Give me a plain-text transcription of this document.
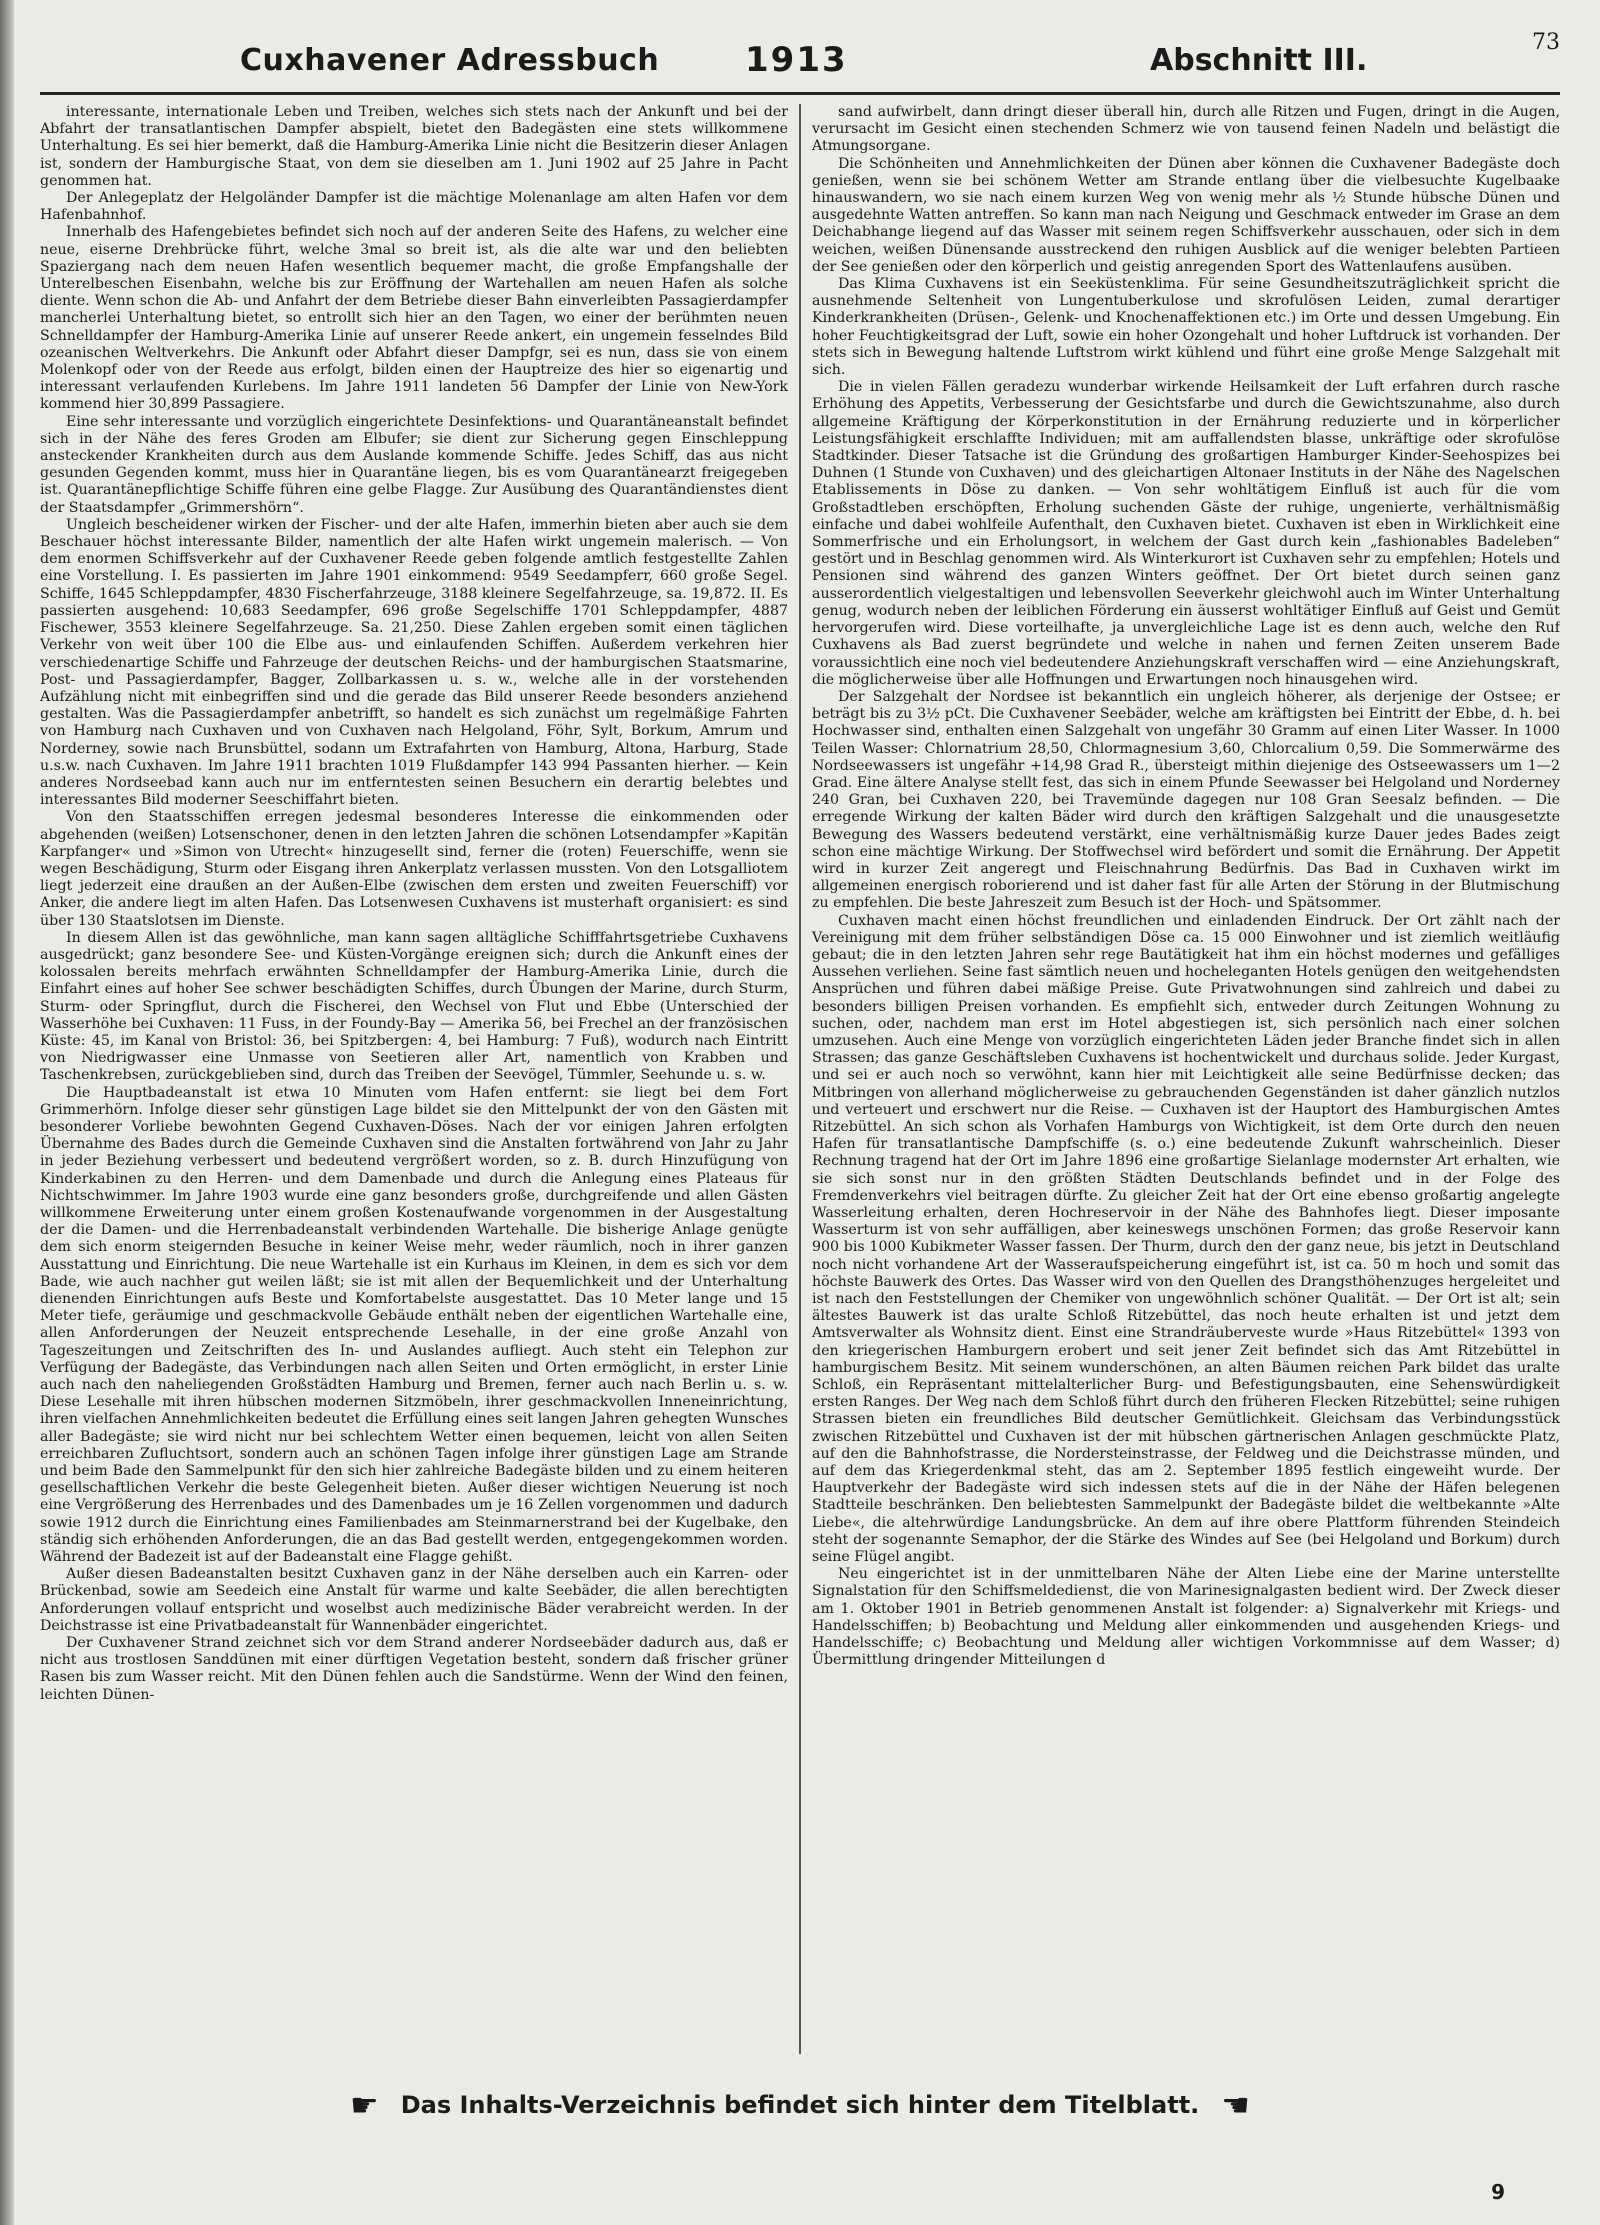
Cuxhavener Adressbuch	1913	Abschnitt III.	73

interessante, internationale Leben und Treiben, welches sich stets nach der Ankunft und bei der Abfahrt der transatlantischen Dampfer abspielt, bietet den Badegästen eine stets willkommene Unterhaltung. Es sei hier bemerkt, daß die Hamburg-Amerika Linie nicht die Besitzerin dieser Anlagen ist, sondern der Hamburgische Staat, von dem sie dieselben am 1. Juni 1902 auf 25 Jahre in Pacht genommen hat.

Der Anlegeplatz der Helgoländer Dampfer ist die mächtige Molenanlage am alten Hafen vor dem Hafenbahnhof.

Innerhalb des Hafengebietes befindet sich noch auf der anderen Seite des Hafens, zu welcher eine neue, eiserne Drehbrücke führt, welche 3mal so breit ist, als die alte war und den beliebten Spaziergang nach dem neuen Hafen wesentlich bequemer macht, die große Empfangshalle der Unterelbeschen Eisenbahn, welche bis zur Eröffnung der Wartehallen am neuen Hafen als solche diente. Wenn schon die Ab- und Anfahrt der dem Betriebe dieser Bahn einverleibten Passagierdampfer mancherlei Unterhaltung bietet, so entrollt sich hier an den Tagen, wo einer der berühmten neuen Schnelldampfer der Hamburg-Amerika Linie auf unserer Reede ankert, ein ungemein fesselndes Bild ozeanischen Weltverkehrs. Die Ankunft oder Abfahrt dieser Dampfgr, sei es nun, dass sie von einem Molenkopf oder von der Reede aus erfolgt, bilden einen der Hauptreize des hier so eigenartig und interessant verlaufenden Kurlebens. Im Jahre 1911 landeten 56 Dampfer der Linie von New-York kommend hier 30,899 Passagiere.

Eine sehr interessante und vorzüglich eingerichtete Desinfektions- und Quarantäneanstalt befindet sich in der Nähe des feres Groden am Elbufer; sie dient zur Sicherung gegen Einschleppung ansteckender Krankheiten durch aus dem Auslande kommende Schiffe. Jedes Schiff, das aus nicht gesunden Gegenden kommt, muss hier in Quarantäne liegen, bis es vom Quarantänearzt freigegeben ist. Quarantänepflichtige Schiffe führen eine gelbe Flagge. Zur Ausübung des Quarantändienstes dient der Staatsdampfer „Grimmershörn“.

Ungleich bescheidener wirken der Fischer- und der alte Hafen, immerhin bieten aber auch sie dem Beschauer höchst interessante Bilder, namentlich der alte Hafen wirkt ungemein malerisch. — Von dem enormen Schiffsverkehr auf der Cuxhavener Reede geben folgende amtlich festgestellte Zahlen eine Vorstellung. I. Es passierten im Jahre 1901 einkommend: 9549 Seedampferr, 660 große Segel. Schiffe, 1645 Schleppdampfer, 4830 Fischerfahrzeuge, 3188 kleinere Segelfahrzeuge, sa. 19,872. II. Es passierten ausgehend: 10,683 Seedampfer, 696 große Segelschiffe 1701 Schleppdampfer, 4887 Fischewer, 3553 kleinere Segelfahrzeuge. Sa. 21,250. Diese Zahlen ergeben somit einen täglichen Verkehr von weit über 100 die Elbe aus- und einlaufenden Schiffen. Außerdem verkehren hier verschiedenartige Schiffe und Fahrzeuge der deutschen Reichs- und der hamburgischen Staatsmarine, Post- und Passagierdampfer, Bagger, Zollbarkassen u. s. w., welche alle in der vorstehenden Aufzählung nicht mit einbegriffen sind und die gerade das Bild unserer Reede besonders anziehend gestalten. Was die Passagierdampfer anbetrifft, so handelt es sich zunächst um regelmäßige Fahrten von Hamburg nach Cuxhaven und von Cuxhaven nach Helgoland, Föhr, Sylt, Borkum, Amrum und Norderney, sowie nach Brunsbüttel, sodann um Extrafahrten von Hamburg, Altona, Harburg, Stade u.s.w. nach Cuxhaven. Im Jahre 1911 brachten 1019 Flußdampfer 143 994 Passanten hierher. — Kein anderes Nordseebad kann auch nur im entferntesten seinen Besuchern ein derartig belebtes und interessantes Bild moderner Seeschiffahrt bieten.

Von den Staatsschiffen erregen jedesmal besonderes Interesse die einkommenden oder abgehenden (weißen) Lotsenschoner, denen in den letzten Jahren die schönen Lotsendampfer »Kapitän Karpfanger« und »Simon von Utrecht« hinzugesellt sind, ferner die (roten) Feuerschiffe, wenn sie wegen Beschädigung, Sturm oder Eisgang ihren Ankerplatz verlassen mussten. Von den Lotsgalliotem liegt jederzeit eine draußen an der Außen-Elbe (zwischen dem ersten und zweiten Feuerschiff) vor Anker, die andere liegt im alten Hafen. Das Lotsenwesen Cuxhavens ist musterhaft organisiert: es sind über 130 Staatslotsen im Dienste.

In diesem Allen ist das gewöhnliche, man kann sagen alltägliche Schifffahrtsgetriebe Cuxhavens ausgedrückt; ganz besondere See- und Küsten-Vorgänge ereignen sich; durch die Ankunft eines der kolossalen bereits mehrfach erwähnten Schnelldampfer der Hamburg-Amerika Linie, durch die Einfahrt eines auf hoher See schwer beschädigten Schiffes, durch Übungen der Marine, durch Sturm, Sturm- oder Springflut, durch die Fischerei, den Wechsel von Flut und Ebbe (Unterschied der Wasserhöhe bei Cuxhaven: 11 Fuss, in der Foundy-Bay — Amerika 56, bei Frechel an der französischen Küste: 45, im Kanal von Bristol: 36, bei Spitzbergen: 4, bei Hamburg: 7 Fuß), wodurch nach Eintritt von Niedrigwasser eine Unmasse von Seetieren aller Art, namentlich von Krabben und Taschenkrebsen, zurückgeblieben sind, durch das Treiben der Seevögel, Tümmler, Seehunde u. s. w.

Die Hauptbadeanstalt ist etwa 10 Minuten vom Hafen entfernt: sie liegt bei dem Fort Grimmerhörn. Infolge dieser sehr günstigen Lage bildet sie den Mittelpunkt der von den Gästen mit besonderer Vorliebe bewohnten Gegend Cuxhaven-Döses. Nach der vor einigen Jahren erfolgten Übernahme des Bades durch die Gemeinde Cuxhaven sind die Anstalten fortwährend von Jahr zu Jahr in jeder Beziehung verbessert und bedeutend vergrößert worden, so z. B. durch Hinzufügung von Kinderkabinen zu den Herren- und dem Damenbade und durch die Anlegung eines Plateaus für Nichtschwimmer. Im Jahre 1903 wurde eine ganz besonders große, durchgreifende und allen Gästen willkommene Erweiterung unter einem großen Kostenaufwande vorgenommen in der Ausgestaltung der die Damen- und die Herrenbadeanstalt verbindenden Wartehalle. Die bisherige Anlage genügte dem sich enorm steigernden Besuche in keiner Weise mehr, weder räumlich, noch in ihrer ganzen Ausstattung und Einrichtung. Die neue Wartehalle ist ein Kurhaus im Kleinen, in dem es sich vor dem Bade, wie auch nachher gut weilen läßt; sie ist mit allen der Bequemlichkeit und der Unterhaltung dienenden Einrichtungen aufs Beste und Komfortabelste ausgestattet. Das 10 Meter lange und 15 Meter tiefe, geräumige und geschmackvolle Gebäude enthält neben der eigentlichen Wartehalle eine, allen Anforderungen der Neuzeit entsprechende Lesehalle, in der eine große Anzahl von Tageszeitungen und Zeitschriften des In- und Auslandes aufliegt. Auch steht ein Telephon zur Verfügung der Badegäste, das Verbindungen nach allen Seiten und Orten ermöglicht, in erster Linie auch nach den naheliegenden Großstädten Hamburg und Bremen, ferner auch nach Berlin u. s. w. Diese Lesehalle mit ihren hübschen modernen Sitzmöbeln, ihrer geschmackvollen Inneneinrichtung, ihren vielfachen Annehmlichkeiten bedeutet die Erfüllung eines seit langen Jahren gehegten Wunsches aller Badegäste; sie wird nicht nur bei schlechtem Wetter einen bequemen, leicht von allen Seiten erreichbaren Zufluchtsort, sondern auch an schönen Tagen infolge ihrer günstigen Lage am Strande und beim Bade den Sammelpunkt für den sich hier zahlreiche Badegäste bilden und zu einem heiteren gesellschaftlichen Verkehr die beste Gelegenheit bieten. Außer dieser wichtigen Neuerung ist noch eine Vergrößerung des Herrenbades und des Damenbades um je 16 Zellen vorgenommen und dadurch sowie 1912 durch die Einrichtung eines Familienbades am Steinmarnerstrand bei der Kugelbake, den ständig sich erhöhenden Anforderungen, die an das Bad gestellt werden, entgegengekommen worden. Während der Badezeit ist auf der Badeanstalt eine Flagge gehißt.

Außer diesen Badeanstalten besitzt Cuxhaven ganz in der Nähe derselben auch ein Karren- oder Brückenbad, sowie am Seedeich eine Anstalt für warme und kalte Seebäder, die allen berechtigten Anforderungen vollauf entspricht und woselbst auch medizinische Bäder verabreicht werden. In der Deichstrasse ist eine Privatbadeanstalt für Wannenbäder eingerichtet.

Der Cuxhavener Strand zeichnet sich vor dem Strand anderer Nordseebäder dadurch aus, daß er nicht aus trostlosen Sanddünen mit einer dürftigen Vegetation besteht, sondern daß frischer grüner Rasen bis zum Wasser reicht. Mit den Dünen fehlen auch die Sandstürme. Wenn der Wind den feinen, leichten Dünen-

sand aufwirbelt, dann dringt dieser überall hin, durch alle Ritzen und Fugen, dringt in die Augen, verursacht im Gesicht einen stechenden Schmerz wie von tausend feinen Nadeln und belästigt die Atmungsorgane.

Die Schönheiten und Annehmlichkeiten der Dünen aber können die Cuxhavener Badegäste doch genießen, wenn sie bei schönem Wetter am Strande entlang über die vielbesuchte Kugelbaake hinauswandern, wo sie nach einem kurzen Weg von wenig mehr als ½ Stunde hübsche Dünen und ausgedehnte Watten antreffen. So kann man nach Neigung und Geschmack entweder im Grase an dem Deichabhange liegend auf das Wasser mit seinem regen Schiffsverkehr ausschauen, oder sich in dem weichen, weißen Dünensande ausstreckend den ruhigen Ausblick auf die weniger belebten Partieen der See genießen oder den körperlich und geistig anregenden Sport des Wattenlaufens ausüben.

Das Klima Cuxhavens ist ein Seeküstenklima. Für seine Gesundheitszuträglichkeit spricht die ausnehmende Seltenheit von Lungentuberkulose und skrofulösen Leiden, zumal derartiger Kinderkrankheiten (Drüsen-, Gelenk- und Knochenaffektionen etc.) im Orte und dessen Umgebung. Ein hoher Feuchtigkeitsgrad der Luft, sowie ein hoher Ozongehalt und hoher Luftdruck ist vorhanden. Der stets sich in Bewegung haltende Luftstrom wirkt kühlend und führt eine große Menge Salzgehalt mit sich.

Die in vielen Fällen geradezu wunderbar wirkende Heilsamkeit der Luft erfahren durch rasche Erhöhung des Appetits, Verbesserung der Gesichtsfarbe und durch die Gewichtszunahme, also durch allgemeine Kräftigung der Körperkonstitution in der Ernährung reduzierte und in körperlicher Leistungsfähigkeit erschlaffte Individuen; mit am auffallendsten blasse, unkräftige oder skrofulöse Stadtkinder. Dieser Tatsache ist die Gründung des großartigen Hamburger Kinder-Seehospizes bei Duhnen (1 Stunde von Cuxhaven) und des gleichartigen Altonaer Instituts in der Nähe des Nagelschen Etablissements in Döse zu danken. — Von sehr wohltätigem Einfluß ist auch für die vom Großstadtleben erschöpften, Erholung suchenden Gäste der ruhige, ungenierte, verhältnismäßig einfache und dabei wohlfeile Aufenthalt, den Cuxhaven bietet. Cuxhaven ist eben in Wirklichkeit eine Sommerfrische und ein Erholungsort, in welchem der Gast durch kein „fashionables Badeleben“ gestört und in Beschlag genommen wird. Als Winterkurort ist Cuxhaven sehr zu empfehlen; Hotels und Pensionen sind während des ganzen Winters geöffnet. Der Ort bietet durch seinen ganz ausserordentlich vielgestaltigen und lebensvollen Seeverkehr gleichwohl auch im Winter Unterhaltung genug, wodurch neben der leiblichen Förderung ein äusserst wohltätiger Einfluß auf Geist und Gemüt hervorgerufen wird. Diese vorteilhafte, ja unvergleichliche Lage ist es denn auch, welche den Ruf Cuxhavens als Bad zuerst begründete und welche in nahen und fernen Zeiten unserem Bade voraussichtlich eine noch viel bedeutendere Anziehungskraft verschaffen wird — eine Anziehungskraft, die möglicherweise über alle Hoffnungen und Erwartungen noch hinausgehen wird.

Der Salzgehalt der Nordsee ist bekanntlich ein ungleich höherer, als derjenige der Ostsee; er beträgt bis zu 3½ pCt. Die Cuxhavener Seebäder, welche am kräftigsten bei Eintritt der Ebbe, d. h. bei Hochwasser sind, enthalten einen Salzgehalt von ungefähr 30 Gramm auf einen Liter Wasser. In 1000 Teilen Wasser: Chlornatrium 28,50, Chlormagnesium 3,60, Chlorcalium 0,59. Die Sommerwärme des Nordseewassers ist ungefähr +14,98 Grad R., übersteigt mithin diejenige des Ostseewassers um 1—2 Grad. Eine ältere Analyse stellt fest, das sich in einem Pfunde Seewasser bei Helgoland und Norderney 240 Gran, bei Cuxhaven 220, bei Travemünde dagegen nur 108 Gran Seesalz befinden. — Die erregende Wirkung der kalten Bäder wird durch den kräftigen Salzgehalt und die unausgesetzte Bewegung des Wassers bedeutend verstärkt, eine verhältnismäßig kurze Dauer jedes Bades zeigt schon eine mächtige Wirkung. Der Stoffwechsel wird befördert und somit die Ernährung. Der Appetit wird in kurzer Zeit angeregt und Fleischnahrung Bedürfnis. Das Bad in Cuxhaven wirkt im allgemeinen energisch roborierend und ist daher fast für alle Arten der Störung in der Blutmischung zu empfehlen. Die beste Jahreszeit zum Besuch ist der Hoch- und Spätsommer.

Cuxhaven macht einen höchst freundlichen und einladenden Eindruck. Der Ort zählt nach der Vereinigung mit dem früher selbständigen Döse ca. 15 000 Einwohner und ist ziemlich weitläufig gebaut; die in den letzten Jahren sehr rege Bautätigkeit hat ihm ein höchst modernes und gefälliges Aussehen verliehen. Seine fast sämtlich neuen und hocheleganten Hotels genügen den weitgehendsten Ansprüchen und führen dabei mäßige Preise. Gute Privatwohnungen sind zahlreich und dabei zu besonders billigen Preisen vorhanden. Es empfiehlt sich, entweder durch Zeitungen Wohnung zu suchen, oder, nachdem man erst im Hotel abgestiegen ist, sich persönlich nach einer solchen umzusehen. Auch eine Menge von vorzüglich eingerichteten Läden jeder Branche findet sich in allen Strassen; das ganze Geschäftsleben Cuxhavens ist hochentwickelt und durchaus solide. Jeder Kurgast, und sei er auch noch so verwöhnt, kann hier mit Leichtigkeit alle seine Bedürfnisse decken; das Mitbringen von allerhand möglicherweise zu gebrauchenden Gegenständen ist daher gänzlich nutzlos und verteuert und erschwert nur die Reise. — Cuxhaven ist der Hauptort des Hamburgischen Amtes Ritzebüttel. An sich schon als Vorhafen Hamburgs von Wichtigkeit, ist dem Orte durch den neuen Hafen für transatlantische Dampfschiffe (s. o.) eine bedeutende Zukunft wahrscheinlich. Dieser Rechnung tragend hat der Ort im Jahre 1896 eine großartige Sielanlage modernster Art erhalten, wie sie sich sonst nur in den größten Städten Deutschlands befindet und in der Folge des Fremdenverkehrs viel beitragen dürfte. Zu gleicher Zeit hat der Ort eine ebenso großartig angelegte Wasserleitung erhalten, deren Hochreservoir in der Nähe des Bahnhofes liegt. Dieser imposante Wasserturm ist von sehr auffälligen, aber keineswegs unschönen Formen; das große Reservoir kann 900 bis 1000 Kubikmeter Wasser fassen. Der Thurm, durch den der ganz neue, bis jetzt in Deutschland noch nicht vorhandene Art der Wasseraufspeicherung eingeführt ist, ist ca. 50 m hoch und somit das höchste Bauwerk des Ortes. Das Wasser wird von den Quellen des Drangsthöhenzuges hergeleitet und ist nach den Feststellungen der Chemiker von ungewöhnlich schöner Qualität. — Der Ort ist alt; sein ältestes Bauwerk ist das uralte Schloß Ritzebüttel, das noch heute erhalten ist und jetzt dem Amtsverwalter als Wohnsitz dient. Einst eine Strandräuberveste wurde »Haus Ritzebüttel« 1393 von den kriegerischen Hamburgern erobert und seit jener Zeit befindet sich das Amt Ritzebüttel in hamburgischem Besitz. Mit seinem wunderschönen, an alten Bäumen reichen Park bildet das uralte Schloß, ein Repräsentant mittelalterlicher Burg- und Befestigungsbauten, eine Sehenswürdigkeit ersten Ranges. Der Weg nach dem Schloß führt durch den früheren Flecken Ritzebüttel; seine ruhigen Strassen bieten ein freundliches Bild deutscher Gemütlichkeit. Gleichsam das Verbindungsstück zwischen Ritzebüttel und Cuxhaven ist der mit hübschen gärtnerischen Anlagen geschmückte Platz, auf den die Bahnhofstrasse, die Nordersteinstrasse, der Feldweg und die Deichstrasse münden, und auf dem das Kriegerdenkmal steht, das am 2. September 1895 festlich eingeweiht wurde. Der Hauptverkehr der Badegäste wird sich indessen stets auf die in der Nähe der Häfen belegenen Stadtteile beschränken. Den beliebtesten Sammelpunkt der Badegäste bildet die weltbekannte »Alte Liebe«, die altehrwürdige Landungsbrücke. An dem auf ihre obere Plattform führenden Steindeich steht der sogenannte Semaphor, der die Stärke des Windes auf See (bei Helgoland und Borkum) durch seine Flügel angibt.

Neu eingerichtet ist in der unmittelbaren Nähe der Alten Liebe eine der Marine unterstellte Signalstation für den Schiffsmeldedienst, die von Marinesignalgasten bedient wird. Der Zweck dieser am 1. Oktober 1901 in Betrieb genommenen Anstalt ist folgender: a) Signalverkehr mit Kriegs- und Handelsschiffen; b) Beobachtung und Meldung aller einkommenden und ausgehenden Kriegs- und Handelsschiffe; c) Beobachtung und Meldung aller wichtigen Vorkommnisse auf dem Wasser; d) Übermittlung dringender Mitteilungen d

☛ Das Inhalts-Verzeichnis befindet sich hinter dem Titelblatt. ☚
9
